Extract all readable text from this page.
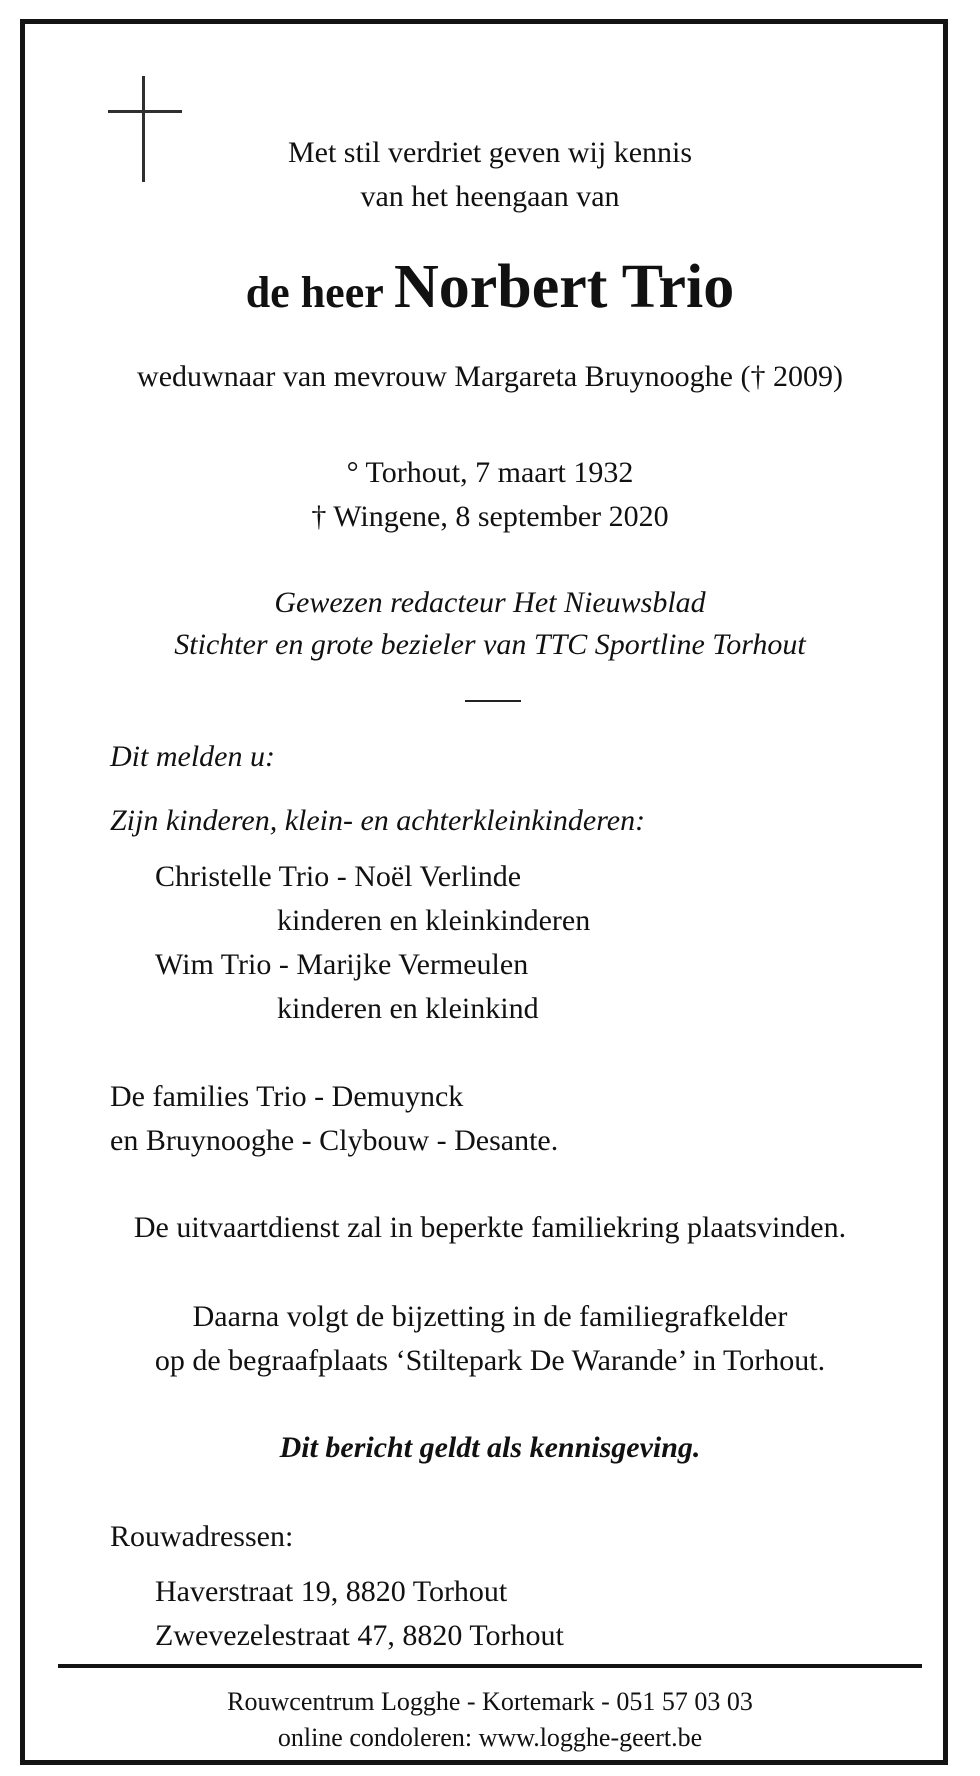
Met stil verdriet geven wij kennis
van het heengaan van
de heer Norbert Trio
weduwnaar van mevrouw Margareta Bruynooghe († 2009)
° Torhout, 7 maart 1932
† Wingene, 8 september 2020
Gewezen redacteur Het Nieuwsblad
Stichter en grote bezieler van TTC Sportline Torhout
Dit melden u:
Zijn kinderen, klein- en achterkleinkinderen:
Christelle Trio - Noël Verlinde
kinderen en kleinkinderen
Wim Trio - Marijke Vermeulen
kinderen en kleinkind
De families Trio - Demuynck
en Bruynooghe - Clybouw - Desante.
De uitvaartdienst zal in beperkte familiekring plaatsvinden.
Daarna volgt de bijzetting in de familiegrafkelder
op de begraafplaats ‘Stiltepark De Warande’ in Torhout.
Dit bericht geldt als kennisgeving.
Rouwadressen:
Haverstraat 19, 8820 Torhout
Zwevezelestraat 47, 8820 Torhout
Rouwcentrum Logghe - Kortemark - 051 57 03 03
online condoleren: www.logghe-geert.be
